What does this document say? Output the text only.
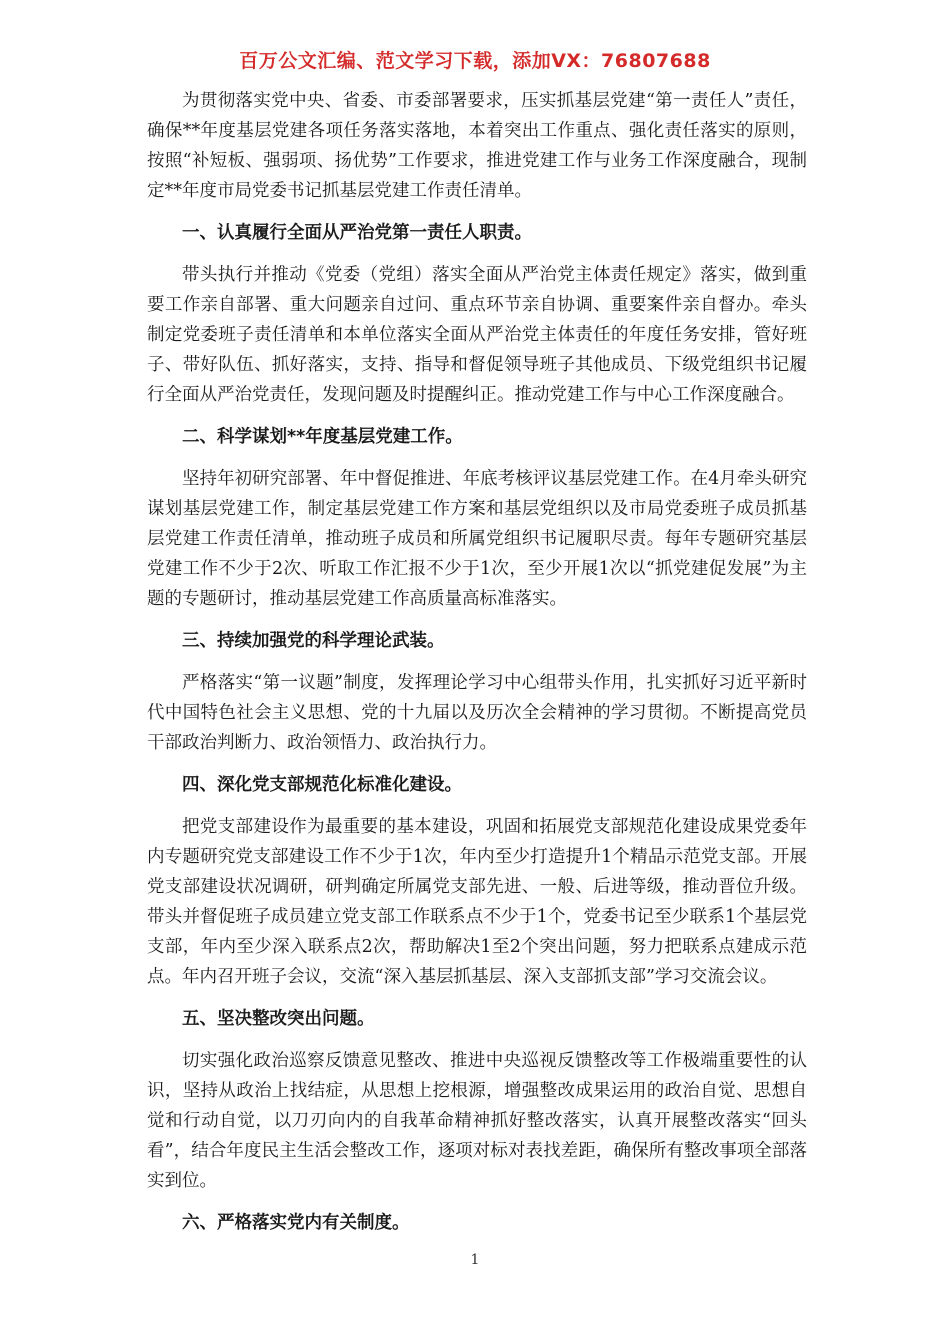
百万公文汇编、范文学习下载，添加VX：76807688

为贯彻落实党中央、省委、市委部署要求，压实抓基层党建“第一责任人”责任，确保**年度基层党建各项任务落实落地，本着突出工作重点、强化责任落实的原则，按照“补短板、强弱项、扬优势”工作要求，推进党建工作与业务工作深度融合，现制定**年度市局党委书记抓基层党建工作责任清单。

一、认真履行全面从严治党第一责任人职责。

带头执行并推动《党委（党组）落实全面从严治党主体责任规定》落实，做到重要工作亲自部署、重大问题亲自过问、重点环节亲自协调、重要案件亲自督办。牵头制定党委班子责任清单和本单位落实全面从严治党主体责任的年度任务安排，管好班子、带好队伍、抓好落实，支持、指导和督促领导班子其他成员、下级党组织书记履行全面从严治党责任，发现问题及时提醒纠正。推动党建工作与中心工作深度融合。

二、科学谋划**年度基层党建工作。

坚持年初研究部署、年中督促推进、年底考核评议基层党建工作。在4月牵头研究谋划基层党建工作，制定基层党建工作方案和基层党组织以及市局党委班子成员抓基层党建工作责任清单，推动班子成员和所属党组织书记履职尽责。每年专题研究基层党建工作不少于2次、听取工作汇报不少于1次，至少开展1次以“抓党建促发展”为主题的专题研讨，推动基层党建工作高质量高标准落实。

三、持续加强党的科学理论武装。

严格落实“第一议题”制度，发挥理论学习中心组带头作用，扎实抓好习近平新时代中国特色社会主义思想、党的十九届以及历次全会精神的学习贯彻。不断提高党员干部政治判断力、政治领悟力、政治执行力。

四、深化党支部规范化标准化建设。

把党支部建设作为最重要的基本建设，巩固和拓展党支部规范化建设成果党委年内专题研究党支部建设工作不少于1次，年内至少打造提升1个精品示范党支部。开展党支部建设状况调研，研判确定所属党支部先进、一般、后进等级，推动晋位升级。带头并督促班子成员建立党支部工作联系点不少于1个，党委书记至少联系1个基层党支部，年内至少深入联系点2次，帮助解决1至2个突出问题，努力把联系点建成示范点。年内召开班子会议，交流“深入基层抓基层、深入支部抓支部”学习交流会议。

五、坚决整改突出问题。

切实强化政治巡察反馈意见整改、推进中央巡视反馈整改等工作极端重要性的认识，坚持从政治上找结症，从思想上挖根源，增强整改成果运用的政治自觉、思想自觉和行动自觉，以刀刃向内的自我革命精神抓好整改落实，认真开展整改落实“回头看”，结合年度民主生活会整改工作，逐项对标对表找差距，确保所有整改事项全部落实到位。

六、严格落实党内有关制度。

1
